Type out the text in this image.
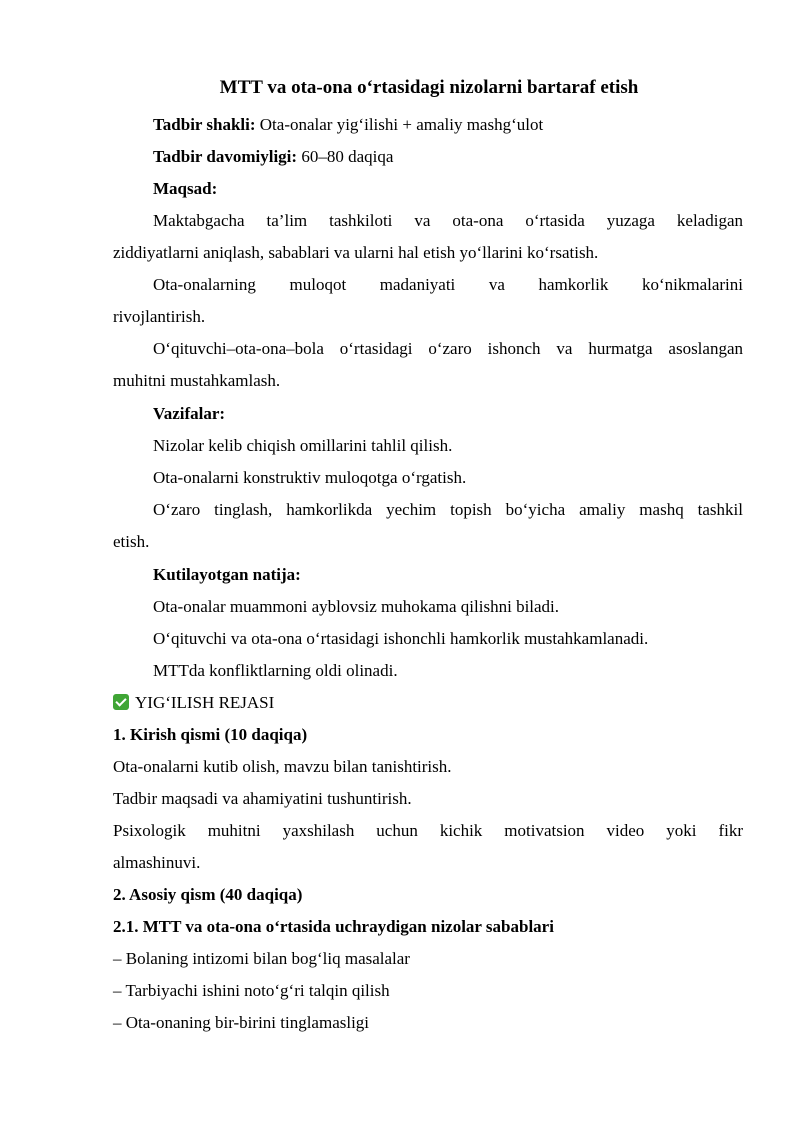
MTT va ota-ona o‘rtasidagi nizolarni bartaraf etish
Tadbir shakli: Ota-onalar yig‘ilishi + amaliy mashg‘ulot
Tadbir davomiyligi: 60–80 daqiqa
Maqsad:
Maktabgacha ta’lim tashkiloti va ota-ona o‘rtasida yuzaga keladigan
ziddiyatlarni aniqlash, sabablari va ularni hal etish yo‘llarini ko‘rsatish.
Ota-onalarning muloqot madaniyati va hamkorlik ko‘nikmalarini
rivojlantirish.
O‘qituvchi–ota-ona–bola o‘rtasidagi o‘zaro ishonch va hurmatga asoslangan
muhitni mustahkamlash.
Vazifalar:
Nizolar kelib chiqish omillarini tahlil qilish.
Ota-onalarni konstruktiv muloqotga o‘rgatish.
O‘zaro tinglash, hamkorlikda yechim topish bo‘yicha amaliy mashq tashkil
etish.
Kutilayotgan natija:
Ota-onalar muammoni ayblovsiz muhokama qilishni biladi.
O‘qituvchi va ota-ona o‘rtasidagi ishonchli hamkorlik mustahkamlanadi.
MTTda konfliktlarning oldi olinadi.
YIG‘ILISH REJASI
1. Kirish qismi (10 daqiqa)
Ota-onalarni kutib olish, mavzu bilan tanishtirish.
Tadbir maqsadi va ahamiyatini tushuntirish.
Psixologik muhitni yaxshilash uchun kichik motivatsion video yoki fikr
almashinuvi.
2. Asosiy qism (40 daqiqa)
2.1. MTT va ota-ona o‘rtasida uchraydigan nizolar sabablari
– Bolaning intizomi bilan bog‘liq masalalar
– Tarbiyachi ishini noto‘g‘ri talqin qilish
– Ota-onaning bir-birini tinglamasligi
